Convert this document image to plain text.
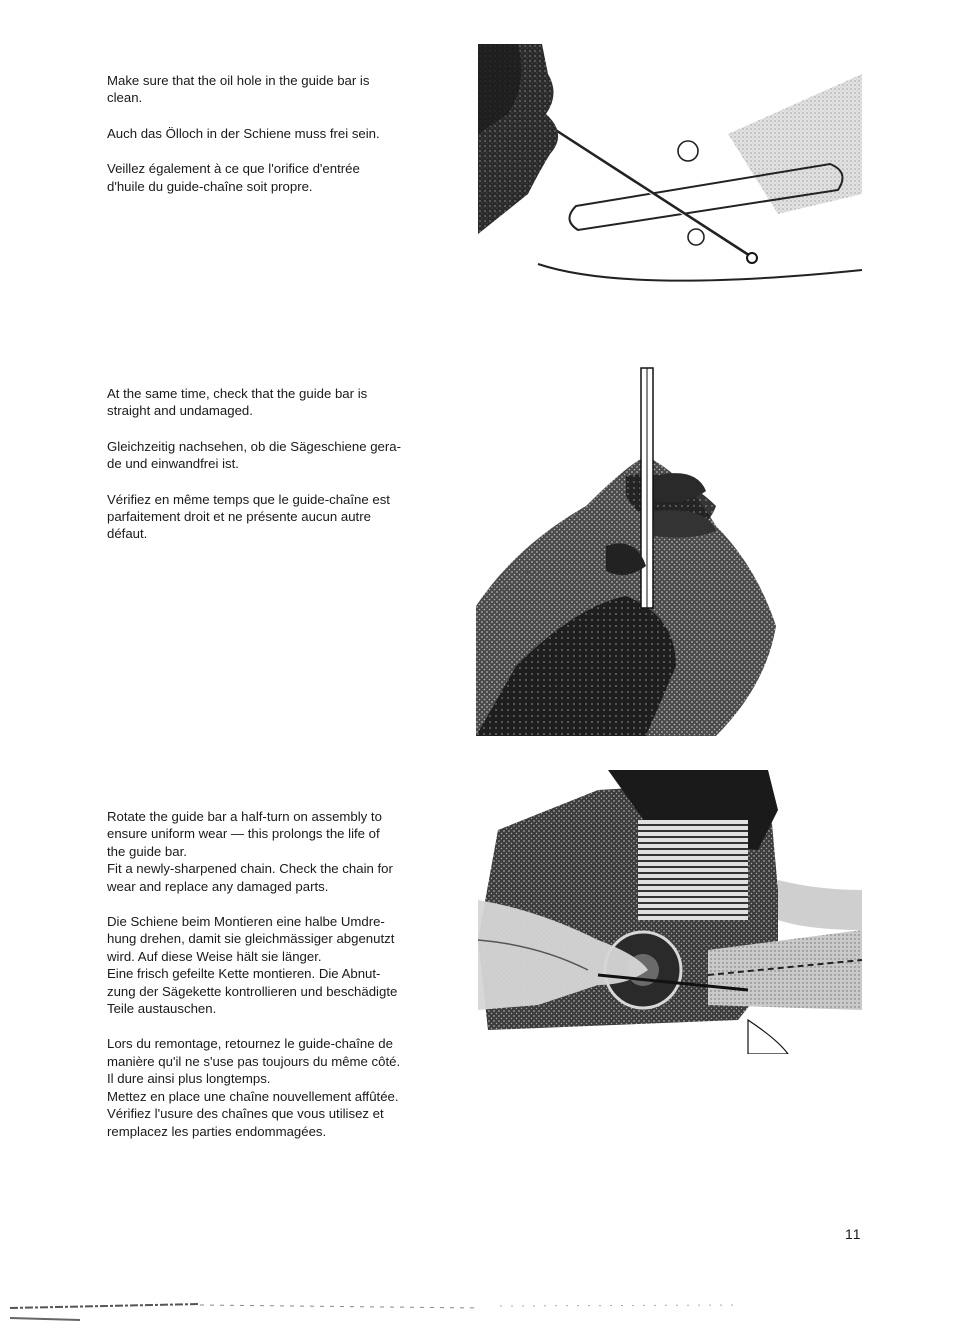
Make sure that the oil hole in the guide bar is
clean.

Auch das Ölloch in der Schiene muss frei sein.

Veillez également à ce que l'orifice d'entrée
d'huile du guide-chaîne soit propre.

At the same time, check that the guide bar is
straight and undamaged.

Gleichzeitig nachsehen, ob die Sägeschiene gera-
de und einwandfrei ist.

Vérifiez en même temps que le guide-chaîne est
parfaitement droit et ne présente aucun autre
défaut.

Rotate the guide bar a half-turn on assembly to
ensure uniform wear — this prolongs the life of
the guide bar.
Fit a newly-sharpened chain. Check the chain for
wear and replace any damaged parts.

Die Schiene beim Montieren eine halbe Umdre-
hung drehen, damit sie gleichmässiger abgenutzt
wird. Auf diese Weise hält sie länger.
Eine frisch gefeilte Kette montieren. Die Abnut-
zung der Sägekette kontrollieren und beschädigte
Teile austauschen.

Lors du remontage, retournez le guide-chaîne de
manière qu'il ne s'use pas toujours du même côté.
Il dure ainsi plus longtemps.
Mettez en place une chaîne nouvellement affûtée.
Vérifiez l'usure des chaînes que vous utilisez et
remplacez les parties endommagées.

11
